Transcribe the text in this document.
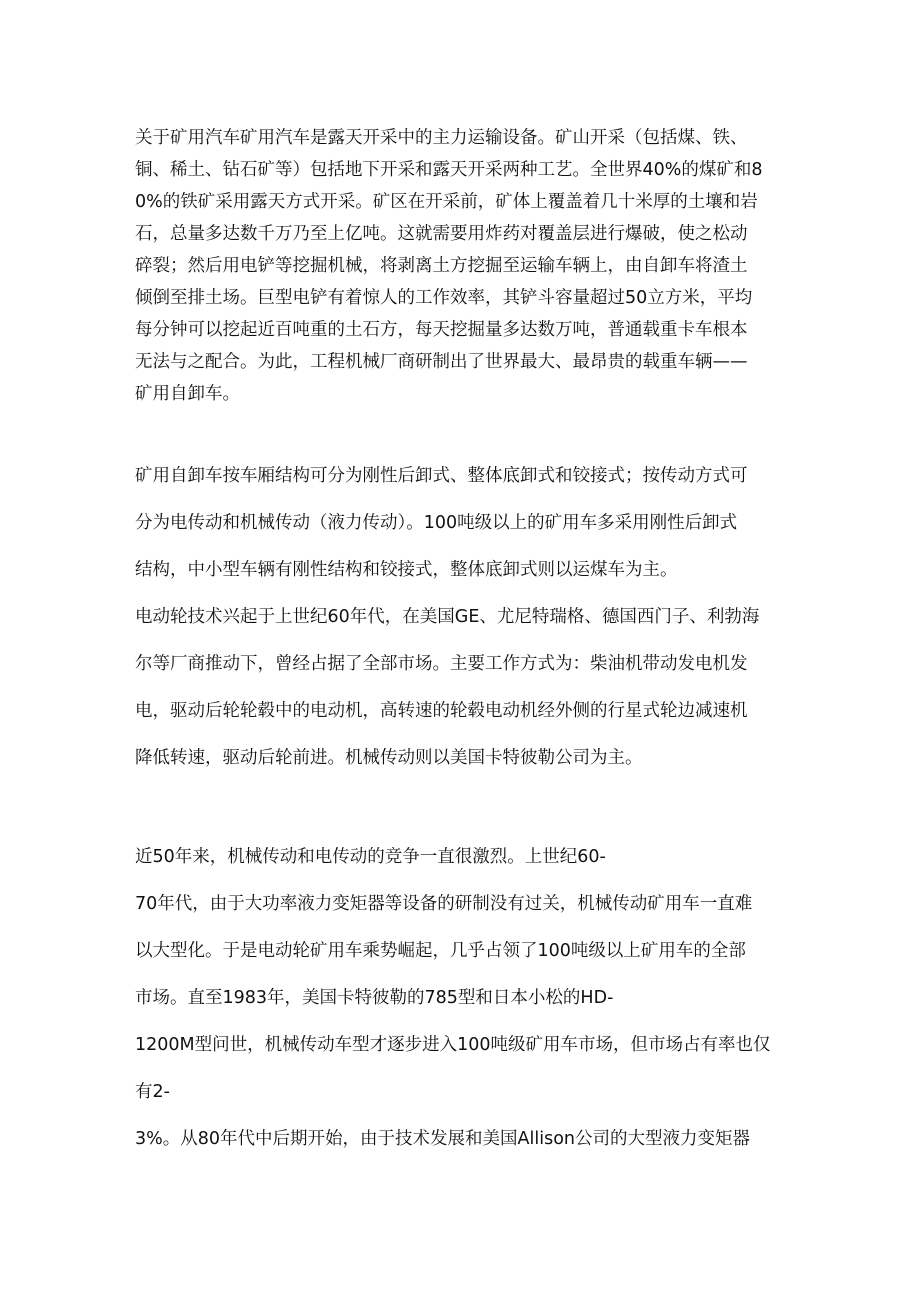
关于矿用汽车矿用汽车是露天开采中的主力运输设备。矿山开采（包括煤、铁、
铜、稀土、钻石矿等）包括地下开采和露天开采两种工艺。全世界40%的煤矿和8
0%的铁矿采用露天方式开采。矿区在开采前，矿体上覆盖着几十米厚的土壤和岩
石，总量多达数千万乃至上亿吨。这就需要用炸药对覆盖层进行爆破，使之松动
碎裂；然后用电铲等挖掘机械，将剥离土方挖掘至运输车辆上，由自卸车将渣土
倾倒至排土场。巨型电铲有着惊人的工作效率，其铲斗容量超过50立方米，平均
每分钟可以挖起近百吨重的土石方，每天挖掘量多达数万吨，普通载重卡车根本
无法与之配合。为此，工程机械厂商研制出了世界最大、最昂贵的载重车辆——
矿用自卸车。
矿用自卸车按车厢结构可分为刚性后卸式、整体底卸式和铰接式；按传动方式可
分为电传动和机械传动（液力传动）。100吨级以上的矿用车多采用刚性后卸式
结构，中小型车辆有刚性结构和铰接式，整体底卸式则以运煤车为主。
电动轮技术兴起于上世纪60年代，在美国GE、尤尼特瑞格、德国西门子、利勃海
尔等厂商推动下，曾经占据了全部市场。主要工作方式为：柴油机带动发电机发
电，驱动后轮轮毂中的电动机，高转速的轮毂电动机经外侧的行星式轮边减速机
降低转速，驱动后轮前进。机械传动则以美国卡特彼勒公司为主。
近50年来，机械传动和电传动的竞争一直很激烈。上世纪60-
70年代，由于大功率液力变矩器等设备的研制没有过关，机械传动矿用车一直难
以大型化。于是电动轮矿用车乘势崛起，几乎占领了100吨级以上矿用车的全部
市场。直至1983年，美国卡特彼勒的785型和日本小松的HD-
1200M型问世，机械传动车型才逐步进入100吨级矿用车市场，但市场占有率也仅
有2-
3%。从80年代中后期开始，由于技术发展和美国Allison公司的大型液力变矩器
